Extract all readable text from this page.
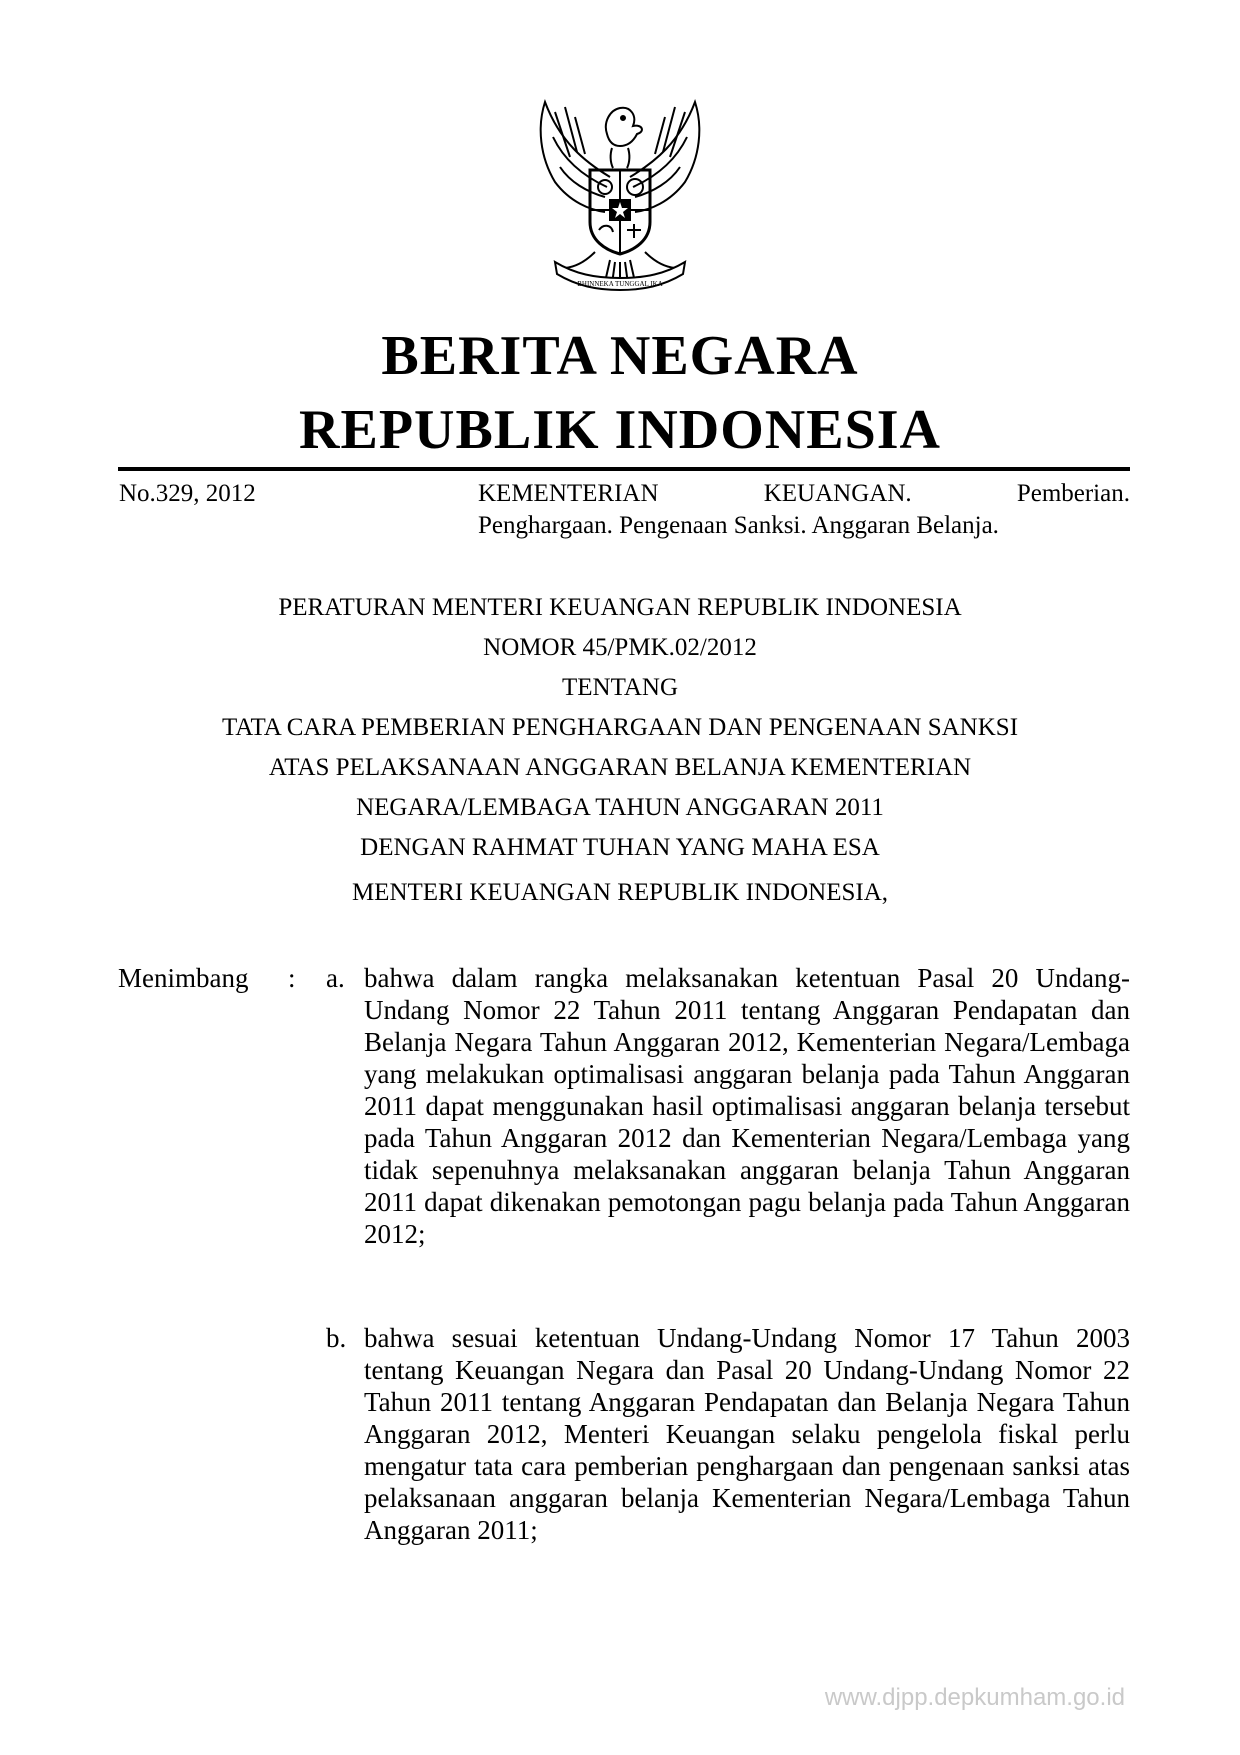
BHINNEKA TUNGGAL IKA
BERITA NEGARA
REPUBLIK INDONESIA
No.329, 2012	KEMENTERIAN	KEUANGAN.	Pemberian.
Penghargaan. Pengenaan Sanksi. Anggaran Belanja.
PERATURAN MENTERI KEUANGAN REPUBLIK INDONESIA
NOMOR 45/PMK.02/2012
TENTANG
TATA CARA PEMBERIAN PENGHARGAAN DAN PENGENAAN SANKSI
ATAS PELAKSANAAN ANGGARAN BELANJA KEMENTERIAN
NEGARA/LEMBAGA TAHUN ANGGARAN 2011
DENGAN RAHMAT TUHAN YANG MAHA ESA
MENTERI KEUANGAN REPUBLIK INDONESIA,
Menimbang : a. bahwa dalam rangka melaksanakan ketentuan Pasal 20 Undang-Undang Nomor 22 Tahun 2011 tentang Anggaran Pendapatan dan Belanja Negara Tahun Anggaran 2012, Kementerian Negara/Lembaga yang melakukan optimalisasi anggaran belanja pada Tahun Anggaran 2011 dapat menggunakan hasil optimalisasi anggaran belanja tersebut pada Tahun Anggaran 2012 dan Kementerian Negara/Lembaga yang tidak sepenuhnya melaksanakan anggaran belanja Tahun Anggaran 2011 dapat dikenakan pemotongan pagu belanja pada Tahun Anggaran 2012;
b. bahwa sesuai ketentuan Undang-Undang Nomor 17 Tahun 2003 tentang Keuangan Negara dan Pasal 20 Undang-Undang Nomor 22 Tahun 2011 tentang Anggaran Pendapatan dan Belanja Negara Tahun Anggaran 2012, Menteri Keuangan selaku pengelola fiskal perlu mengatur tata cara pemberian penghargaan dan pengenaan sanksi atas pelaksanaan anggaran belanja Kementerian Negara/Lembaga Tahun Anggaran 2011;
www.djpp.depkumham.go.id
